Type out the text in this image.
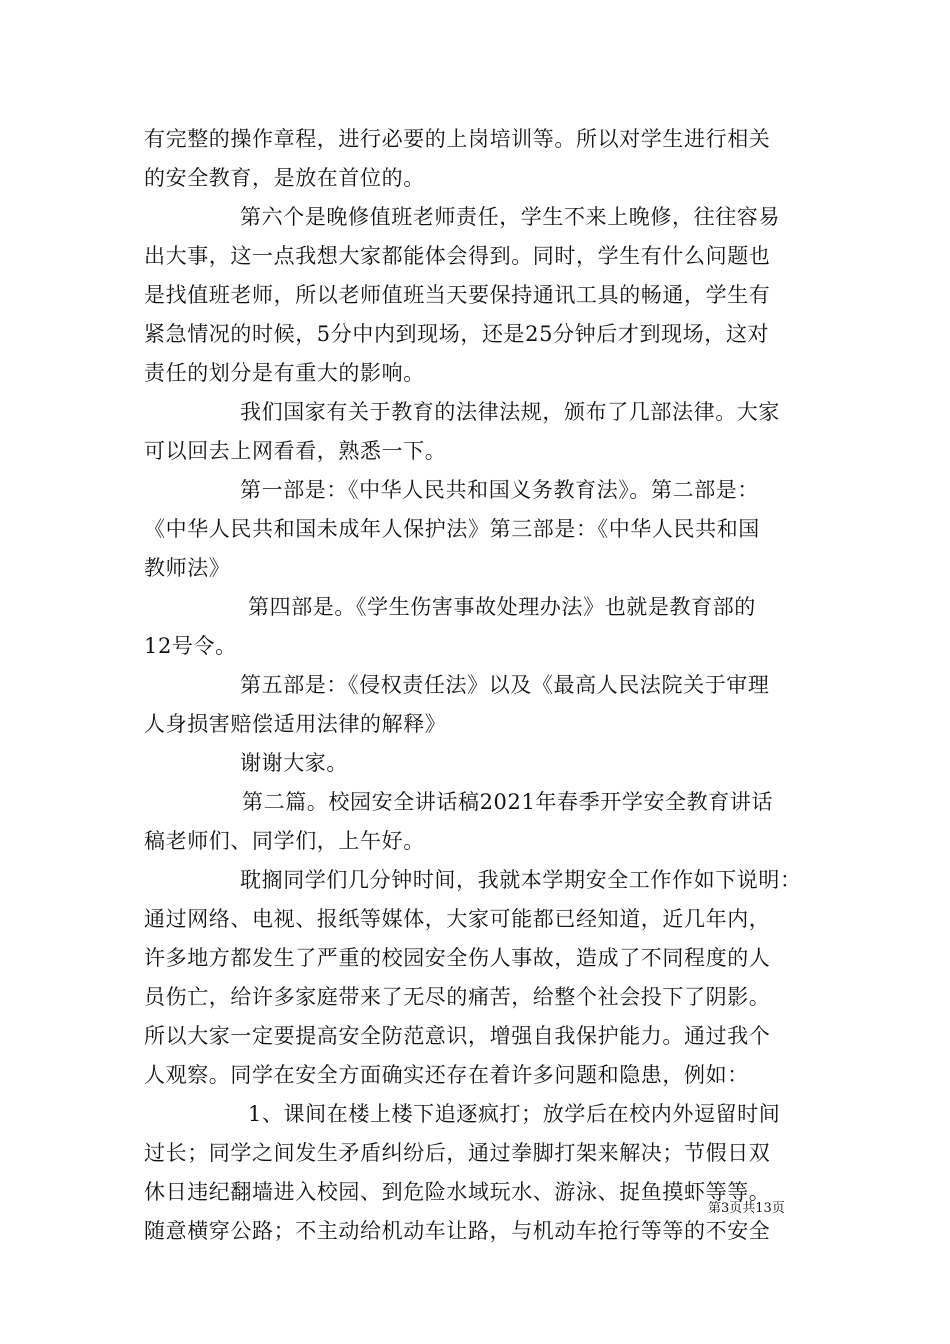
有完整的操作章程，进行必要的上岗培训等。所以对学生进行相关
的安全教育，是放在首位的。
第六个是晚修值班老师责任，学生不来上晚修，往往容易
出大事，这一点我想大家都能体会得到。同时，学生有什么问题也
是找值班老师，所以老师值班当天要保持通讯工具的畅通，学生有
紧急情况的时候，5分中内到现场，还是25分钟后才到现场，这对
责任的划分是有重大的影响。
我们国家有关于教育的法律法规，颁布了几部法律。大家
可以回去上网看看，熟悉一下。
第一部是：《中华人民共和国义务教育法》。第二部是：
《中华人民共和国未成年人保护法》第三部是：《中华人民共和国
教师法》
第四部是。《学生伤害事故处理办法》也就是教育部的
12号令。
第五部是：《侵权责任法》以及《最高人民法院关于审理
人身损害赔偿适用法律的解释》
谢谢大家。
第二篇。校园安全讲话稿2021年春季开学安全教育讲话
稿老师们、同学们，上午好。
耽搁同学们几分钟时间，我就本学期安全工作作如下说明：
通过网络、电视、报纸等媒体，大家可能都已经知道，近几年内，
许多地方都发生了严重的校园安全伤人事故，造成了不同程度的人
员伤亡，给许多家庭带来了无尽的痛苦，给整个社会投下了阴影。
所以大家一定要提高安全防范意识，增强自我保护能力。通过我个
人观察。同学在安全方面确实还存在着许多问题和隐患，例如：
1、课间在楼上楼下追逐疯打；放学后在校内外逗留时间
过长；同学之间发生矛盾纠纷后，通过拳脚打架来解决；节假日双
休日违纪翻墙进入校园、到危险水域玩水、游泳、捉鱼摸虾等等。
随意横穿公路；不主动给机动车让路，与机动车抢行等等的不安全
第3页共13页
